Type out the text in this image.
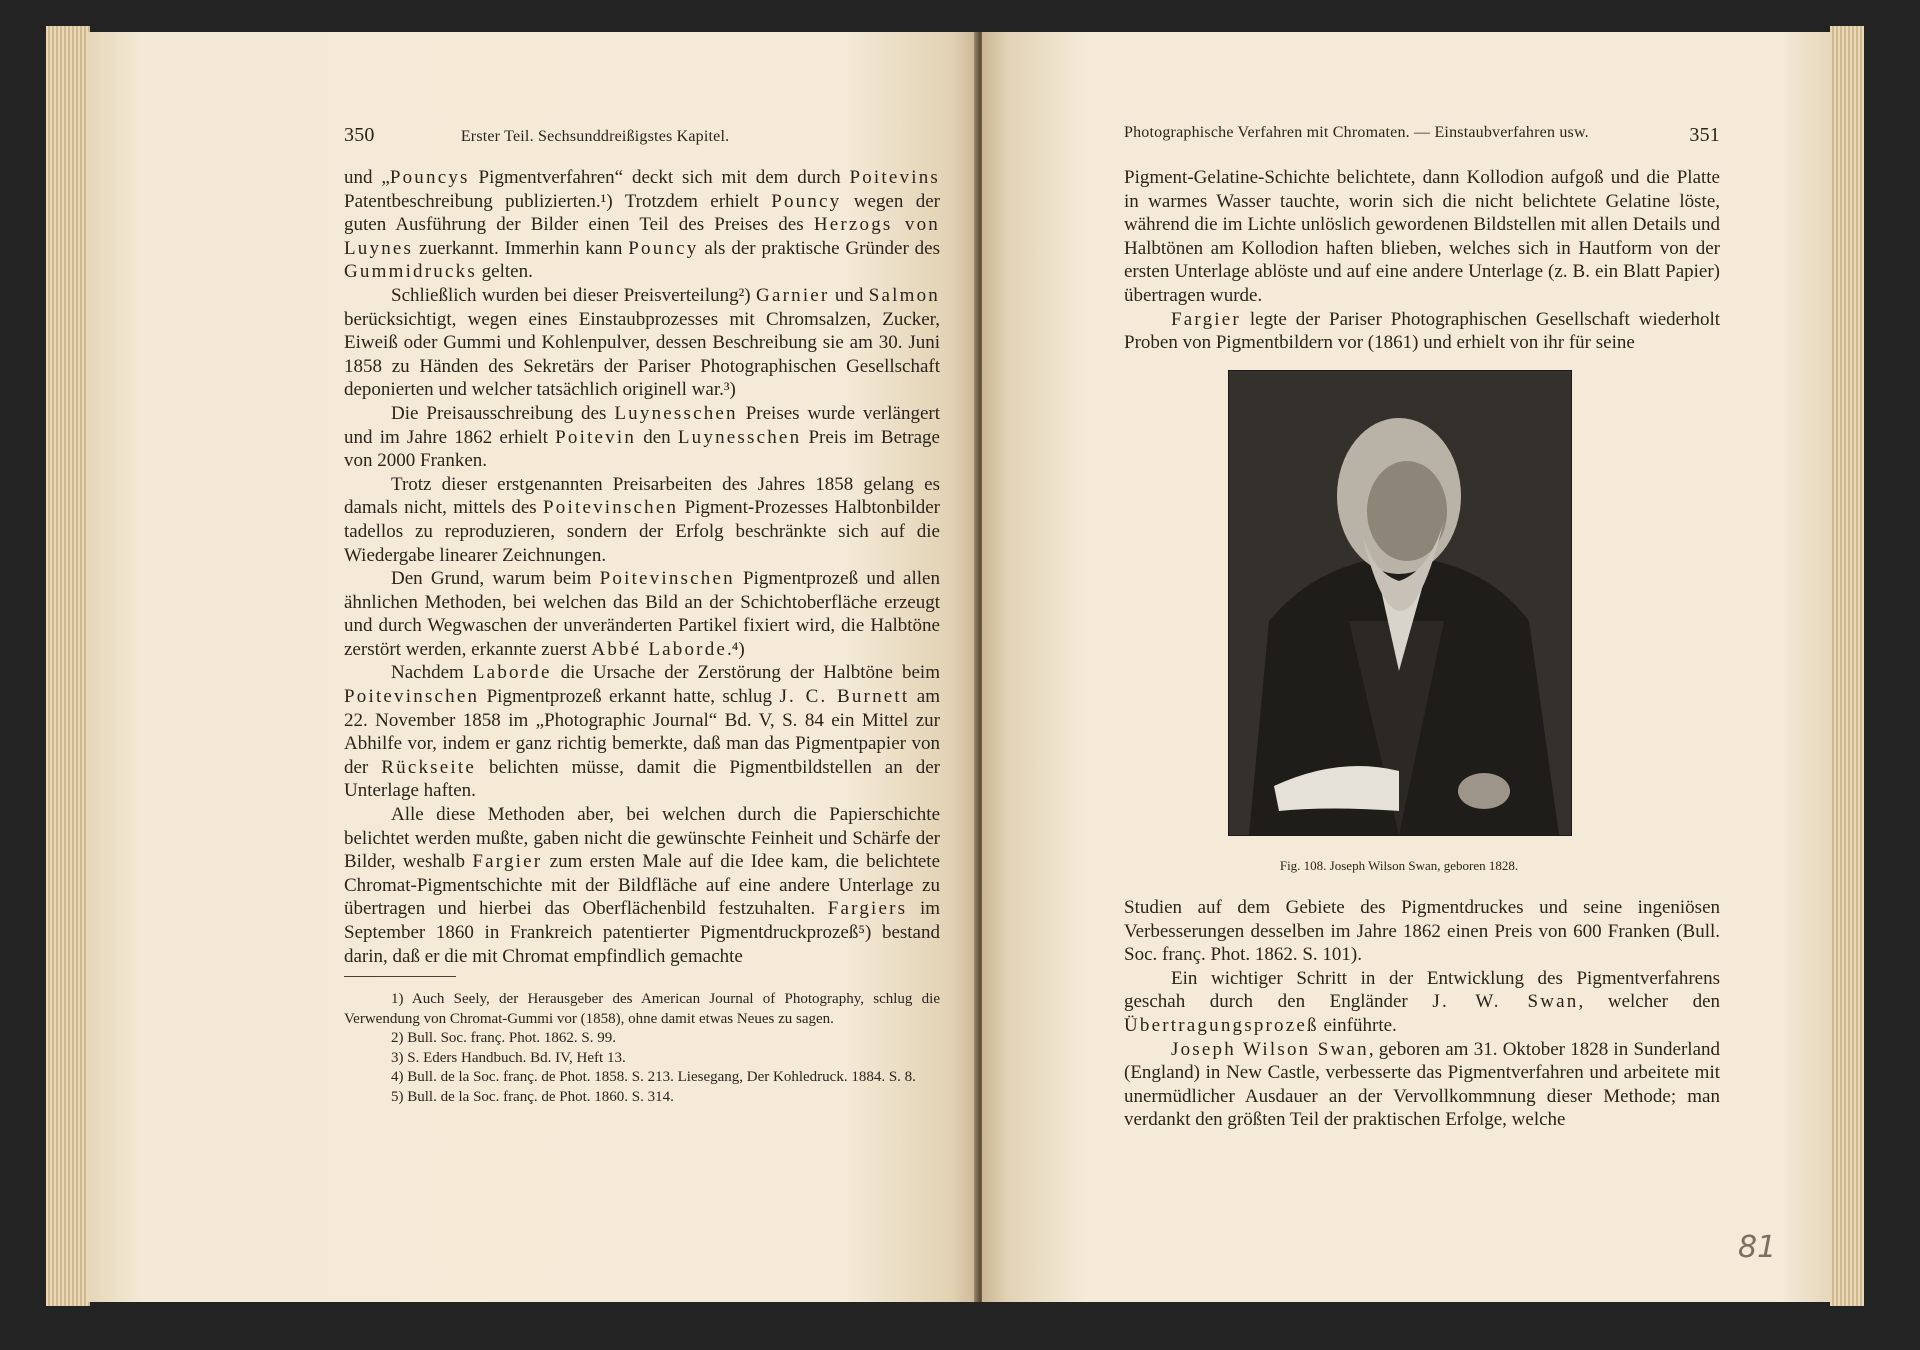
350	Erster Teil. Sechsunddreißigstes Kapitel.

und „Pouncys Pigmentverfahren“ deckt sich mit dem durch Poitevins Patentbeschreibung publizierten.¹) Trotzdem erhielt Pouncy wegen der guten Ausführung der Bilder einen Teil des Preises des Herzogs von Luynes zuerkannt. Immerhin kann Pouncy als der praktische Gründer des Gummidrucks gelten.

Schließlich wurden bei dieser Preisverteilung²) Garnier und Salmon berücksichtigt, wegen eines Einstaubprozesses mit Chromsalzen, Zucker, Eiweiß oder Gummi und Kohlenpulver, dessen Beschreibung sie am 30. Juni 1858 zu Händen des Sekretärs der Pariser Photographischen Gesellschaft deponierten und welcher tatsächlich originell war.³)

Die Preisausschreibung des Luynesschen Preises wurde verlängert und im Jahre 1862 erhielt Poitevin den Luynesschen Preis im Betrage von 2000 Franken.

Trotz dieser erstgenannten Preisarbeiten des Jahres 1858 gelang es damals nicht, mittels des Poitevinschen Pigment-Prozesses Halbtonbilder tadellos zu reproduzieren, sondern der Erfolg beschränkte sich auf die Wiedergabe linearer Zeichnungen.

Den Grund, warum beim Poitevinschen Pigmentprozeß und allen ähnlichen Methoden, bei welchen das Bild an der Schichtoberfläche erzeugt und durch Wegwaschen der unveränderten Partikel fixiert wird, die Halbtöne zerstört werden, erkannte zuerst Abbé Laborde.⁴)

Nachdem Laborde die Ursache der Zerstörung der Halbtöne beim Poitevinschen Pigmentprozeß erkannt hatte, schlug J. C. Burnett am 22. November 1858 im „Photographic Journal“ Bd. V, S. 84 ein Mittel zur Abhilfe vor, indem er ganz richtig bemerkte, daß man das Pigmentpapier von der Rückseite belichten müsse, damit die Pigmentbildstellen an der Unterlage haften.

Alle diese Methoden aber, bei welchen durch die Papierschichte belichtet werden mußte, gaben nicht die gewünschte Feinheit und Schärfe der Bilder, weshalb Fargier zum ersten Male auf die Idee kam, die belichtete Chromat-Pigmentschichte mit der Bildfläche auf eine andere Unterlage zu übertragen und hierbei das Oberflächenbild festzuhalten. Fargiers im September 1860 in Frankreich patentierter Pigmentdruckprozeß⁵) bestand darin, daß er die mit Chromat empfindlich gemachte

1) Auch Seely, der Herausgeber des American Journal of Photography, schlug die Verwendung von Chromat-Gummi vor (1858), ohne damit etwas Neues zu sagen.

2) Bull. Soc. franç. Phot. 1862. S. 99.

3) S. Eders Handbuch. Bd. IV, Heft 13.

4) Bull. de la Soc. franç. de Phot. 1858. S. 213. Liesegang, Der Kohledruck. 1884. S. 8.

5) Bull. de la Soc. franç. de Phot. 1860. S. 314.

Photographische Verfahren mit Chromaten. — Einstaubverfahren usw.	351

Pigment-Gelatine-Schichte belichtete, dann Kollodion aufgoß und die Platte in warmes Wasser tauchte, worin sich die nicht belichtete Gelatine löste, während die im Lichte unlöslich gewordenen Bildstellen mit allen Details und Halbtönen am Kollodion haften blieben, welches sich in Hautform von der ersten Unterlage ablöste und auf eine andere Unterlage (z. B. ein Blatt Papier) übertragen wurde.

Fargier legte der Pariser Photographischen Gesellschaft wiederholt Proben von Pigmentbildern vor (1861) und erhielt von ihr für seine

Fig. 108. Joseph Wilson Swan, geboren 1828.

Studien auf dem Gebiete des Pigmentdruckes und seine ingeniösen Verbesserungen desselben im Jahre 1862 einen Preis von 600 Franken (Bull. Soc. franç. Phot. 1862. S. 101).

Ein wichtiger Schritt in der Entwicklung des Pigmentverfahrens geschah durch den Engländer J. W. Swan, welcher den Übertragungsprozeß einführte.

Joseph Wilson Swan, geboren am 31. Oktober 1828 in Sunderland (England) in New Castle, verbesserte das Pigmentverfahren und arbeitete mit unermüdlicher Ausdauer an der Vervollkommnung dieser Methode; man verdankt den größten Teil der praktischen Erfolge, welche

81
